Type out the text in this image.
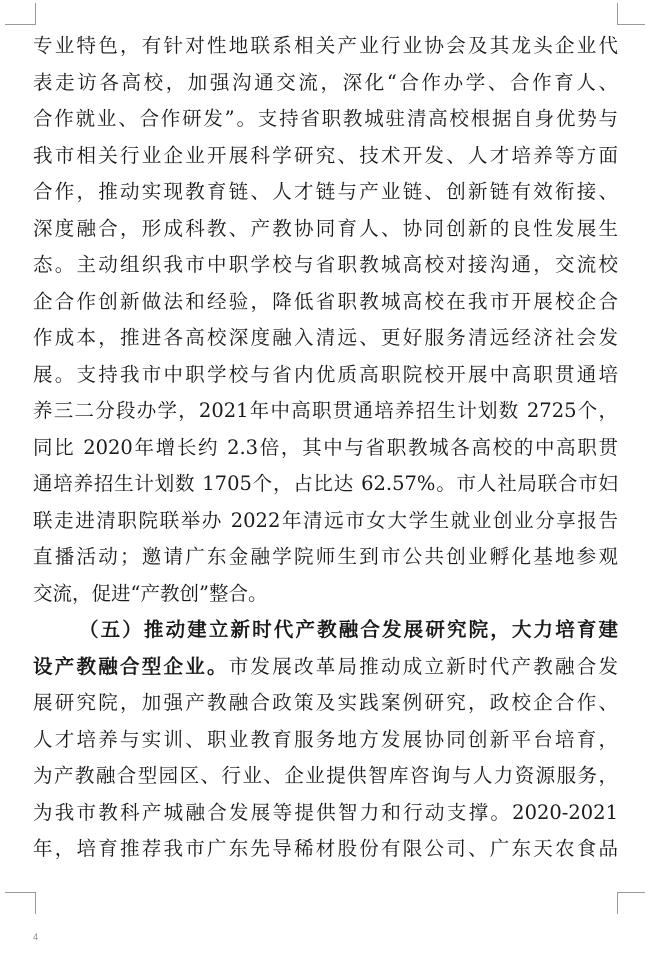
专业特色，有针对性地联系相关产业行业协会及其龙头企业代
表走访各高校，加强沟通交流，深化“合作办学、合作育人、
合作就业、合作研发”。支持省职教城驻清高校根据自身优势与
我市相关行业企业开展科学研究、技术开发、人才培养等方面
合作，推动实现教育链、人才链与产业链、创新链有效衔接、
深度融合，形成科教、产教协同育人、协同创新的良性发展生
态。主动组织我市中职学校与省职教城高校对接沟通，交流校
企合作创新做法和经验，降低省职教城高校在我市开展校企合
作成本，推进各高校深度融入清远、更好服务清远经济社会发
展。支持我市中职学校与省内优质高职院校开展中高职贯通培
养三二分段办学，2021年中高职贯通培养招生计划数 2725个，
同比 2020年增长约 2.3倍，其中与省职教城各高校的中高职贯
通培养招生计划数 1705个，占比达 62.57%。市人社局联合市妇
联走进清职院联举办 2022年清远市女大学生就业创业分享报告
直播活动；邀请广东金融学院师生到市公共创业孵化基地参观
交流，促进“产教创”整合。
（五）推动建立新时代产教融合发展研究院，大力培育建
设产教融合型企业。市发展改革局推动成立新时代产教融合发
展研究院，加强产教融合政策及实践案例研究，政校企合作、
人才培养与实训、职业教育服务地方发展协同创新平台培育，
为产教融合型园区、行业、企业提供智库咨询与人力资源服务，
为我市教科产城融合发展等提供智力和行动支撑。2020-2021
年，培育推荐我市广东先导稀材股份有限公司、广东天农食品
4
